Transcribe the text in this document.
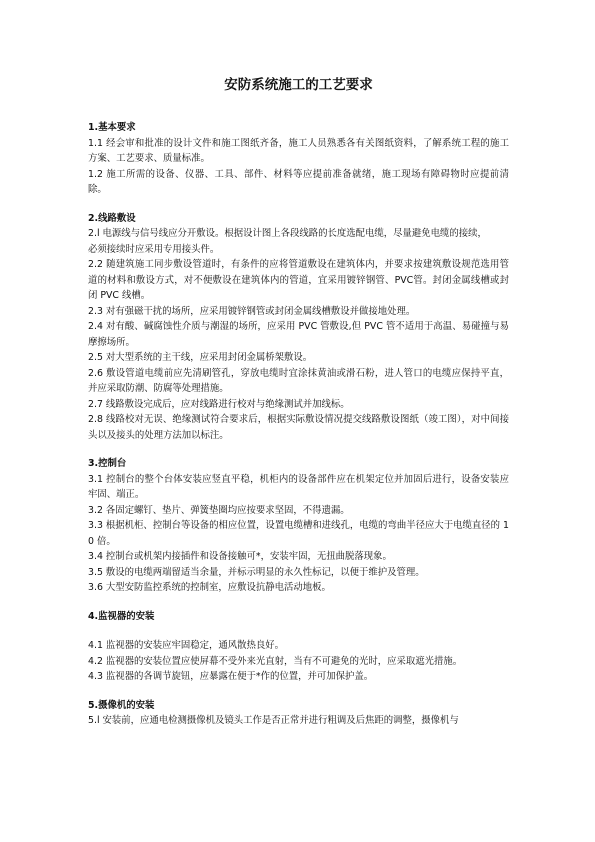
安防系统施工的工艺要求

1.基本要求

1.1 经会审和批准的设计文件和施工图纸齐备，施工人员熟悉各有关图纸资料，了解系统工程的施工方案、工艺要求、质量标准。

1.2 施工所需的设备、仪器、工具、部件、材料等应提前准备就绪，施工现场有障碍物时应提前清除。

2.线路敷设

2.l 电源线与信号线应分开敷设。根据设计图上各段线路的长度选配电缆，尽量避免电缆的接续，

必须接续时应采用专用接头件。

2.2 随建筑施工同步敷设管道时，有条件的应将管道敷设在建筑体内，并要求按建筑敷设规范选用管道的材料和敷设方式，对不便敷设在建筑体内的管道，宜采用镀锌钢管、PVC管。封闭金属线槽或封闭 PVC 线槽。

2.3 对有强磁干扰的场所，应采用镀锌钢管或封闭金属线槽敷设并做接地处理。

2.4 对有酸、碱腐蚀性介质与潮湿的场所，应采用 PVC 管敷设,但 PVC 管不适用于高温、易碰撞与易摩擦场所。

2.5 对大型系统的主干线，应采用封闭金属桥架敷设。

2.6 敷设管道电缆前应先清刷管孔，穿放电缆时宜涂抹黄油或滑石粉，进人管口的电缆应保持平直，并应采取防潮、防腐等处理措施。

2.7 线路敷设完成后，应对线路进行校对与绝缘测试并加线标。

2.8 线路校对无误、绝缘测试符合要求后，根据实际敷设情况提交线路敷设图纸（竣工图），对中间接头以及接头的处理方法加以标注。

3.控制台

3.1 控制台的整个台体安装应竖直平稳，机柜内的设备部件应在机架定位并加固后进行，设备安装应牢固、端正。

3.2 各固定螺钉、垫片、弹簧垫圈均应按要求坚固，不得遗漏。

3.3 根据机柜、控制台等设备的相应位置，设置电缆槽和进线孔，电缆的弯曲半径应大于电缆直径的 10 倍。

3.4 控制台或机架内接插件和设备接触可*，安装牢固，无扭曲脱落现象。

3.5 敷设的电缆两端留适当余量，并标示明显的永久性标记，以便于维护及管理。

3.6 大型安防监控系统的控制室，应敷设抗静电活动地板。

4.监视器的安装

4.1 监视器的安装应牢固稳定，通风散热良好。

4.2 监视器的安装位置应使屏幕不受外来光直射，当有不可避免的光时，应采取遮光措施。

4.3 监视器的各调节旋钮，应暴露在便于*作的位置，并可加保护盖。

5.摄像机的安装

5.l 安装前，应通电检测摄像机及镜头工作是否正常并进行粗调及后焦距的调整，摄像机与
